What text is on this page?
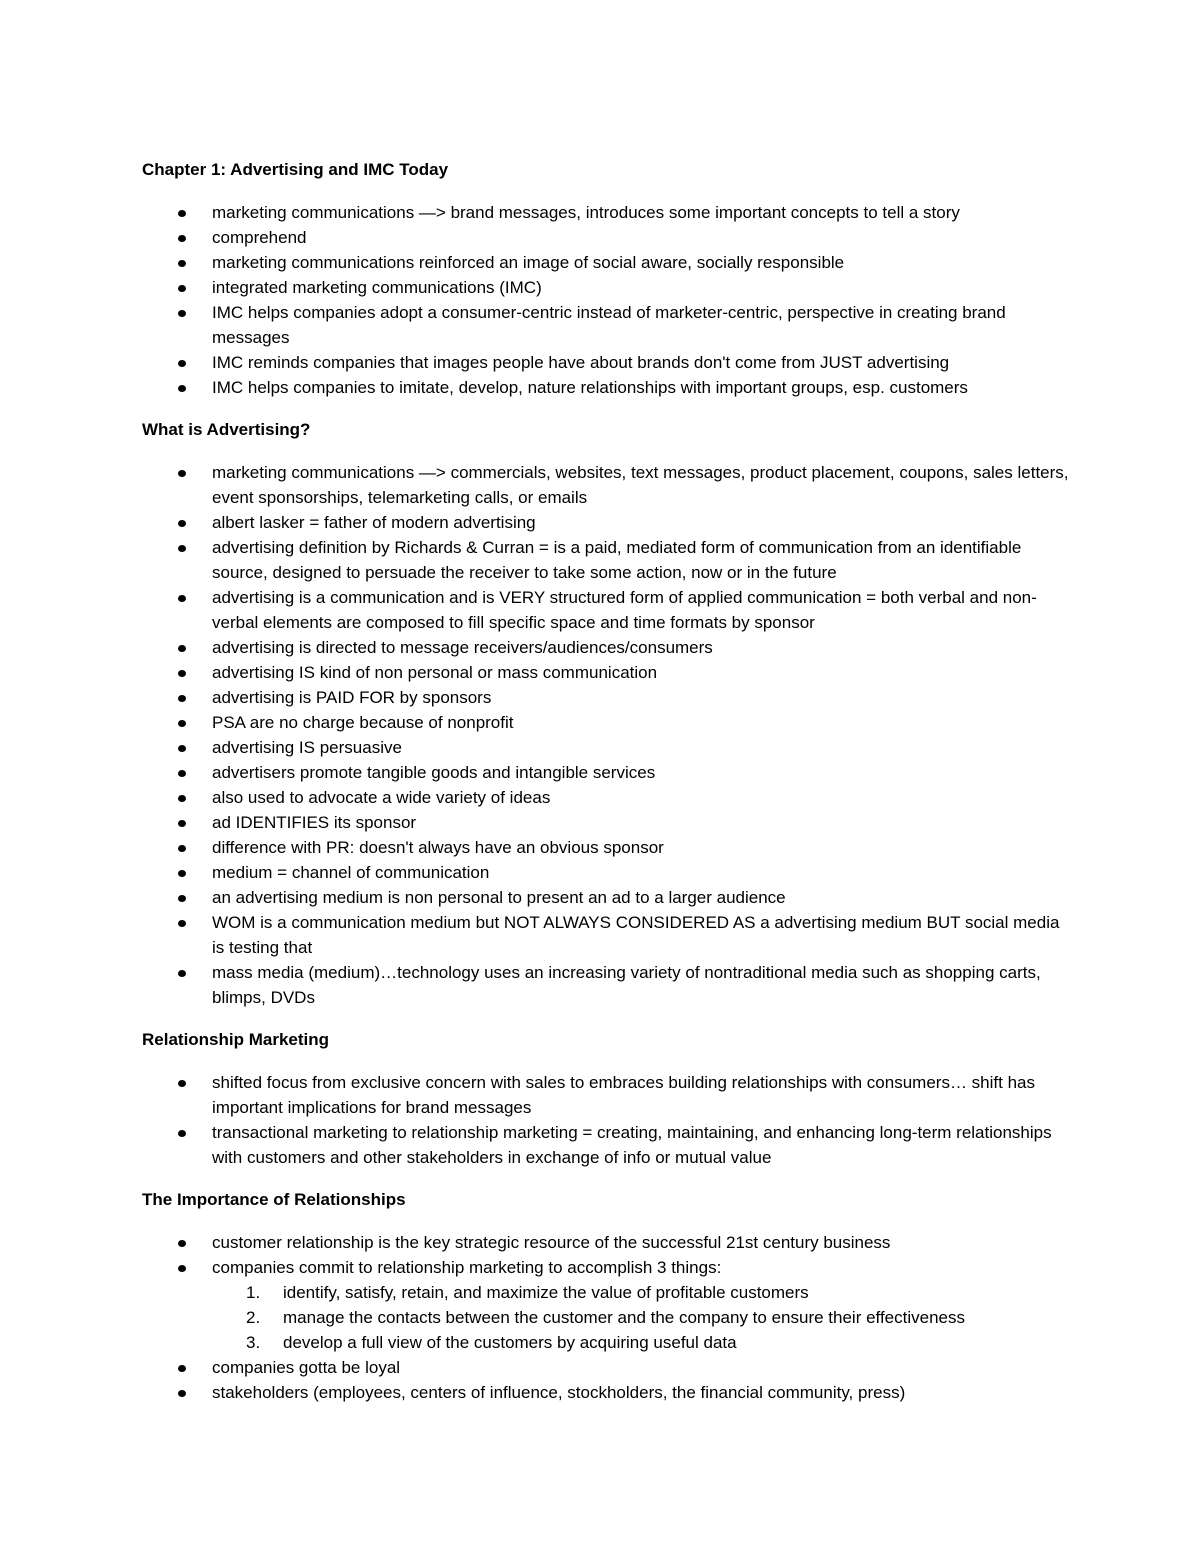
Chapter 1: Advertising and IMC Today
marketing communications —> brand messages, introduces some important concepts to tell a story
comprehend
marketing communications reinforced an image of social aware, socially responsible
integrated marketing communications (IMC)
IMC helps companies adopt a consumer-centric instead of marketer-centric, perspective in creating brand messages
IMC reminds companies that images people have about brands don't come from JUST advertising
IMC helps companies to imitate, develop, nature relationships with important groups, esp. customers
What is Advertising?
marketing communications —> commercials, websites, text messages, product placement, coupons, sales letters, event sponsorships, telemarketing calls, or emails
albert lasker = father of modern advertising
advertising definition by Richards & Curran = is a paid, mediated form of communication from an identifiable source, designed to persuade the receiver to take some action, now or in the future
advertising is a communication and is VERY structured form of applied communication = both verbal and non-verbal elements are composed to fill specific space and time formats by sponsor
advertising is directed to message receivers/audiences/consumers
advertising IS kind of non personal or mass communication
advertising is PAID FOR by sponsors
PSA are no charge because of nonprofit
advertising IS persuasive
advertisers promote tangible goods and intangible services
also used to advocate a wide variety of ideas
ad IDENTIFIES its sponsor
difference with PR: doesn't always have an obvious sponsor
medium = channel of communication
an advertising medium is non personal to present an ad to a larger audience
WOM is a communication medium but NOT ALWAYS CONSIDERED AS a advertising medium BUT social media is testing that
mass media (medium)…technology uses an increasing variety of nontraditional media such as shopping carts, blimps, DVDs
Relationship Marketing
shifted focus from exclusive concern with sales to embraces building relationships with consumers… shift has important implications for brand messages
transactional marketing to relationship marketing = creating, maintaining, and enhancing long-term relationships with customers and other stakeholders in exchange of info or mutual value
The Importance of Relationships
customer relationship is the key strategic resource of the successful 21st century business
companies commit to relationship marketing to accomplish 3 things:
1. identify, satisfy, retain, and maximize the value of profitable customers
2. manage the contacts between the customer and the company to ensure their effectiveness
3. develop a full view of the customers by acquiring useful data
companies gotta be loyal
stakeholders (employees, centers of influence, stockholders, the financial community, press)
